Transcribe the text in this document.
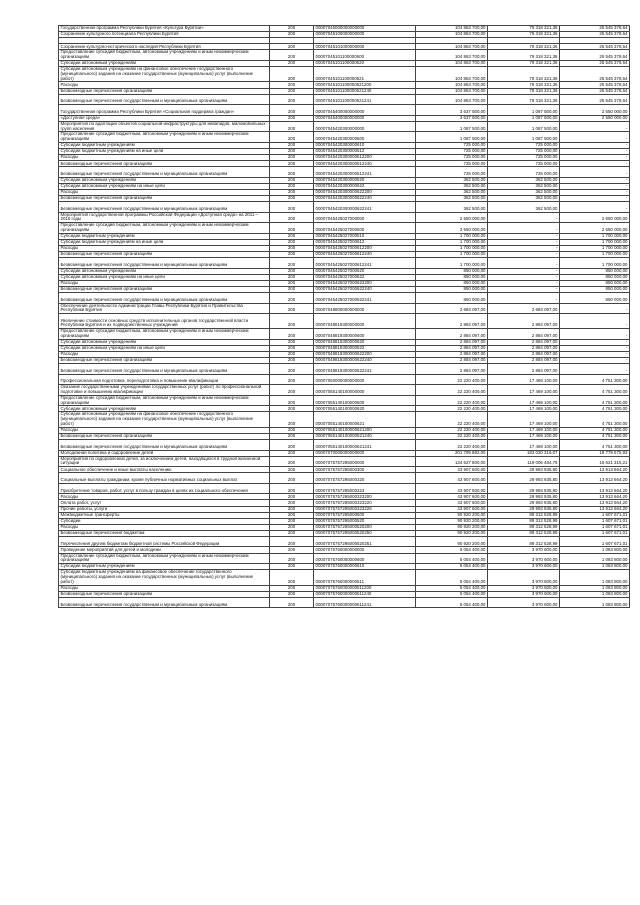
Государственная программа Республики Бурятия «Культура Бурятии»	200	00007045000000000000	104 863 700,00	79 318 321,36	25 545 378,64
Сохранение культурного потенциала Республики Бурятия	200	00007045100000000000	104 863 700,00	79 318 321,36	25 545 378,64

Сохранение культурно-исторического наследия Республики Бурятия	200	00007045101000000000	104 863 700,00	79 318 321,36	25 545 378,64
Предоставление субсидий бюджетным, автономным учреждениям и иным некоммерческим организациям	200	00007045101100000600	104 863 700,00	79 318 321,36	25 545 378,64
Субсидии автономным учреждениям	200	00007045101100000620	104 863 700,00	79 318 321,36	25 545 378,64
Субсидии автономным учреждениям на финансовое обеспечение государственного (муниципального) задания на оказание государственных (муниципальных) услуг (выполнение работ)	200	00007045101100000621	104 863 700,00	79 318 321,36	25 545 378,64
Расходы	200	00007045101100000621200	104 863 700,00	79 318 321,36	25 545 378,64
Безвозмездные перечисления организациям	200	00007045101100000621240	104 863 700,00	79 318 321,36	25 545 378,64
Безвозмездные перечисления государственным и муниципальным организациям	200	00007045101100000621241	104 863 700,00	79 318 321,36	25 545 378,64
Государственная программа Республики Бурятия «Социальная поддержка граждан»	200	00007045400000000000	3 637 500,00	1 087 500,00	2 550 000,00
«Доступная среда»	200	00007045400000000000	3 637 500,00	1 087 500,00	2 550 000,00
Мероприятия по адаптации объектов социальной инфраструктуры для инвалидов, маломобильных групп населения	200	00007045420300000000	1 087 500,00	1 087 500,00	-
Предоставление субсидий бюджетным, автономным учреждениям и иным некоммерческим организациям	200	00007045420300000600	1 087 500,00	1 087 500,00	-
Субсидии бюджетным учреждениям	200	00007045420300000610	725 000,00	725 000,00	-
Субсидии бюджетным учреждениям на иные цели	200	00007045420300000612	725 000,00	725 000,00	-
Расходы	200	00007045420300000612200	725 000,00	725 000,00	-
Безвозмездные перечисления организациям	200	00007045420300000612240	725 000,00	725 000,00	-
Безвозмездные перечисления государственным и муниципальным организациям	200	00007045420300000612241	725 000,00	725 000,00	-
Субсидии автономным учреждениям	200	00007045420300000620	362 500,00	362 500,00	-
Субсидии автономным учреждениям на иные цели	200	00007045420300000622	362 500,00	362 500,00	-
Расходы	200	00007045420300000622200	362 500,00	362 500,00	-
Безвозмездные перечисления организациям	200	00007045420300000622240	362 500,00	362 500,00	-
Безвозмездные перечисления государственным и муниципальным организациям	200	00007045420300000622241	362 500,00	362 500,00	-
Мероприятия государственной программы Российской Федерации «Доступная среда» на 2011 – 2015 годы	200	00007045425027000000	2 550 000,00	-	2 550 000,00
Предоставление субсидий бюджетным, автономным учреждениям и иным некоммерческим организациям	200	00007045425027000600	2 550 000,00	-	2 550 000,00
Субсидии бюджетным учреждениям	200	00007045425027000610	1 700 000,00	-	1 700 000,00
Субсидии бюджетным учреждениям на иные цели	200	00007045425027000612	1 700 000,00	-	1 700 000,00
Расходы	200	00007045425027000612200	1 700 000,00	-	1 700 000,00
Безвозмездные перечисления организациям	200	00007045425027000612240	1 700 000,00	-	1 700 000,00
Безвозмездные перечисления государственным и муниципальным организациям	200	00007045425027000612241	1 700 000,00	-	1 700 000,00
Субсидии автономным учреждениям	200	00007045425027000620	850 000,00	-	850 000,00
Субсидии автономным учреждениям на иные цели	200	00007045425027000622	850 000,00	-	850 000,00
Расходы	200	00007045425027000622200	850 000,00	-	850 000,00
Безвозмездные перечисления организациям	200	00007045425027000622240	850 000,00	-	850 000,00
Безвозмездные перечисления государственным и муниципальным организациям	200	00007045425027000622241	850 000,00	-	850 000,00
Обеспечение деятельности Администрации Главы Республики Бурятия и Правительства Республики Бурятия	200	00007048800000000000	2 884 097,00	2 884 097,00	-
Увеличение стоимости основных средств исполнительных органов государственной власти Республики Бурятия и их подведомственных учреждений	200	00007048819300000000	2 884 097,00	2 884 097,00	-
Предоставление субсидий бюджетным, автономным учреждениям и иным некоммерческим организациям	200	00007048819300000600	2 884 097,00	2 884 097,00	-
Субсидии автономным учреждениям	200	00007048819300000620	2 884 097,00	2 884 097,00	-
Субсидии автономным учреждениям на иные цели	200	00007048819300000622	2 884 097,00	2 884 097,00	-
Расходы	200	00007048819300000622200	2 884 097,00	2 884 097,00	-
Безвозмездные перечисления организациям	200	00007048819300000622240	2 884 097,00	2 884 097,00	-
Безвозмездные перечисления государственным и муниципальным организациям	200	00007048819300000622241	2 884 097,00	2 884 097,00	-
Профессиональная подготовка, переподготовка и повышение квалификации	200	00007050000000000000	22 220 400,00	17 469 100,00	4 751 300,00
Оказание государственными учреждениями государственных услуг (работ) по профессиональной подготовке и повышению квалификации	200	00007055140100000000	22 220 400,00	17 469 100,00	4 751 300,00
Предоставление субсидий бюджетным, автономным учреждениям и иным некоммерческим организациям	200	00007055140100000600	22 220 400,00	17 469 100,00	4 751 300,00
Субсидии автономным учреждениям	200	00007055140100000620	22 220 400,00	17 469 100,00	4 751 300,00
Субсидии автономным учреждениям на финансовое обеспечение государственного (муниципального) задания на оказание государственных (муниципальных) услуг (выполнение работ)	200	00007055140100000621	22 220 400,00	17 469 100,00	4 751 300,00
Расходы	200	00007055140100000621200	22 220 400,00	17 469 100,00	4 751 300,00
Безвозмездные перечисления организациям	200	00007055140100000621240	22 220 400,00	17 469 100,00	4 751 300,00
Безвозмездные перечисления государственным и муниципальным организациям	200	00007055140100000621241	22 220 400,00	17 469 100,00	4 751 300,00
Молодежная политика и оздоровление детей	200	00007070000000000000	201 799 892,00	183 020 316,07	18 779 575,93
Мероприятия по оздоровлению детей, за исключением детей, находящихся в трудной жизненной ситуации	200	00007075757295000000	134 627 800,00	119 006 484,79	15 621 315,21
Социальное обеспечение и иные выплаты населению	200	00007075757295000300	43 907 600,00	29 993 935,80	13 913 664,20
Социальные выплаты гражданам, кроме публичных нормативных социальных выплат	200	00007075757295000320	43 907 600,00	29 993 935,80	13 913 664,20
Приобретение товаров, работ, услуг в пользу граждан в целях их социального обеспечения	200	00007075757295000323	43 907 600,00	29 993 935,80	13 913 664,20
Расходы	200	00007075757295000323200	43 907 600,00	29 993 935,80	13 913 664,20
Оплата работ, услуг	200	00007075757295000323220	43 907 600,00	29 993 935,80	13 913 664,20
Прочие работы, услуги	200	00007075757295000323226	43 907 600,00	29 993 935,80	13 913 664,20
Межбюджетные трансферты	200	00007075757295000500	90 920 200,00	89 312 528,99	1 607 671,01
Субсидии	200	00007075757295000520	90 920 200,00	89 312 528,99	1 607 671,01
Расходы	200	00007075757295000520200	90 920 200,00	89 312 528,99	1 607 671,01
Безвозмездные перечисления бюджетам	200	00007075757295000520250	90 920 200,00	89 312 528,99	1 607 671,01
Перечисления другим бюджетам бюджетной системы Российской Федерации	200	00007075757295000520251	90 920 200,00	89 312 528,99	1 607 671,01
Проведение мероприятий для детей и молодежи	200	00007075760000000000	5 054 400,00	3 970 600,00	1 083 800,00
Предоставление субсидий бюджетным, автономным учреждениям и иным некоммерческим организациям	200	00007075760000000600	5 054 400,00	3 970 600,00	1 083 800,00
Субсидии бюджетным учреждениям	200	00007075760000000610	5 054 400,00	3 970 600,00	1 083 800,00
Субсидии бюджетным учреждениям на финансовое обеспечение государственного (муниципального) задания на оказание государственных (муниципальных) услуг (выполнение работ)	200	00007075760000000611	5 054 400,00	3 970 600,00	1 083 800,00
Расходы	200	00007075760000000611200	5 054 400,00	3 970 600,00	1 083 800,00
Безвозмездные перечисления организациям	200	00007075760000000611240	5 054 400,00	3 970 600,00	1 083 800,00
Безвозмездные перечисления государственным и муниципальным организациям	200	00007075760000000611241	5 054 400,00	3 970 600,00	1 083 800,00
